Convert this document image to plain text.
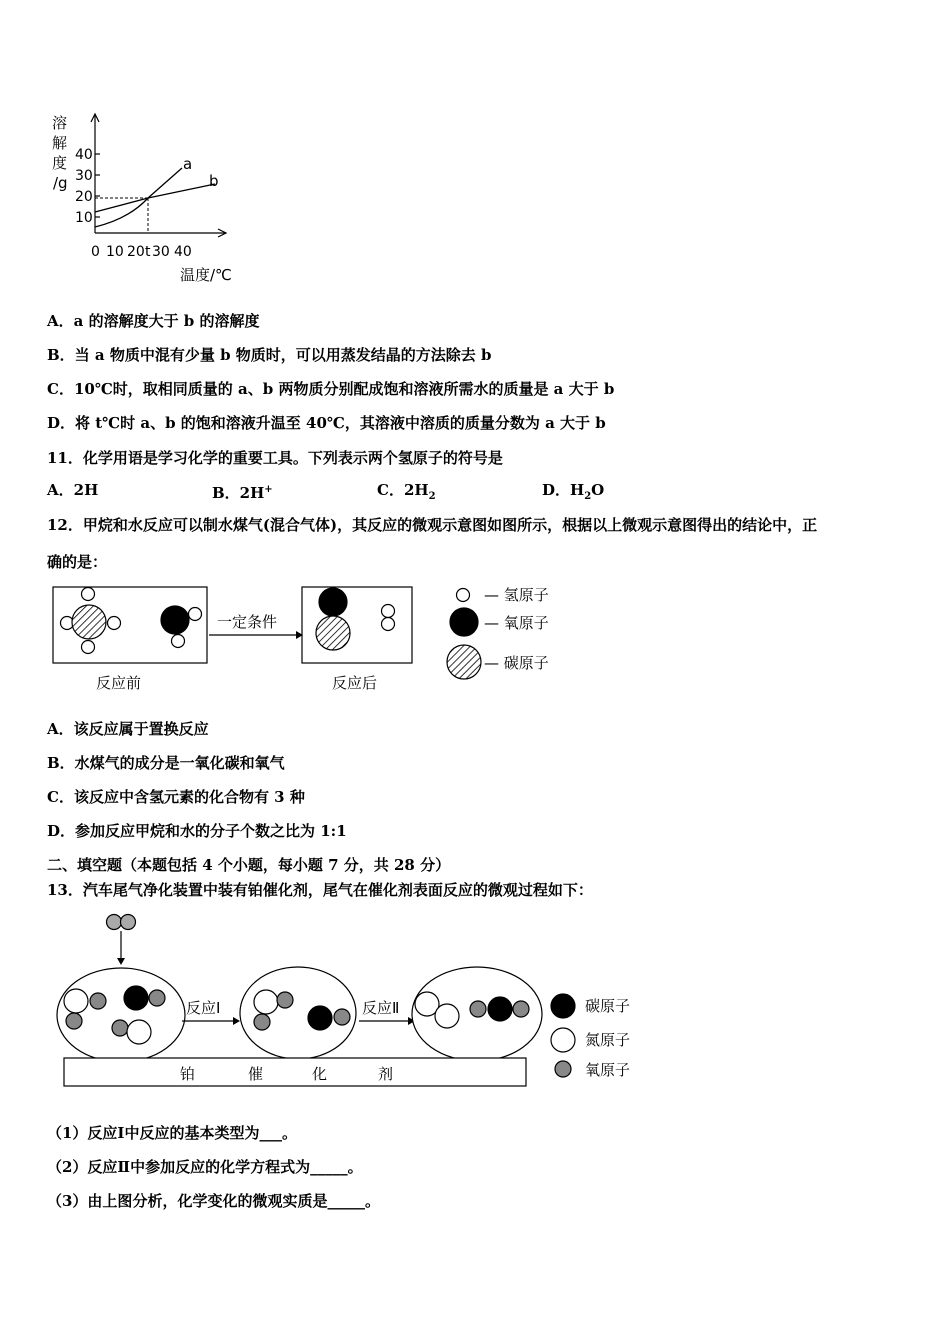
溶
解
度
/g
40
30
20
10
0 10 20 t 30 40
温度/℃
a
b
A．a 的溶解度大于 b 的溶解度
B．当 a 物质中混有少量 b 物质时，可以用蒸发结晶的方法除去 b
C．10℃时，取相同质量的 a、b 两物质分别配成饱和溶液所需水的质量是 a 大于 b
D．将 t℃时 a、b 的饱和溶液升温至 40℃，其溶液中溶质的质量分数为 a 大于 b
11．化学用语是学习化学的重要工具。下列表示两个氢原子的符号是
A．2H	B．2H+	C．$2H_2$	D．$H_2O$
12．甲烷和水反应可以制水煤气(混合气体)，其反应的微观示意图如图所示，根据以上微观示意图得出的结论中，正
确的是：
一定条件
反应前	反应后
— 氢原子
— 氧原子
— 碳原子
A．该反应属于置换反应
B．水煤气的成分是一氧化碳和氧气
C．该反应中含氢元素的化合物有 3 种
D．参加反应甲烷和水的分子个数之比为 1:1
二、填空题（本题包括 4 个小题，每小题 7 分，共 28 分）
13．汽车尾气净化装置中装有铂催化剂，尾气在催化剂表面反应的微观过程如下：
反应Ⅰ	反应Ⅱ
铂	催	化	剂
碳原子
氮原子
氧原子
（1）反应Ⅰ中反应的基本类型为___。
（2）反应Ⅱ中参加反应的化学方程式为_____。
（3）由上图分析，化学变化的微观实质是_____。
